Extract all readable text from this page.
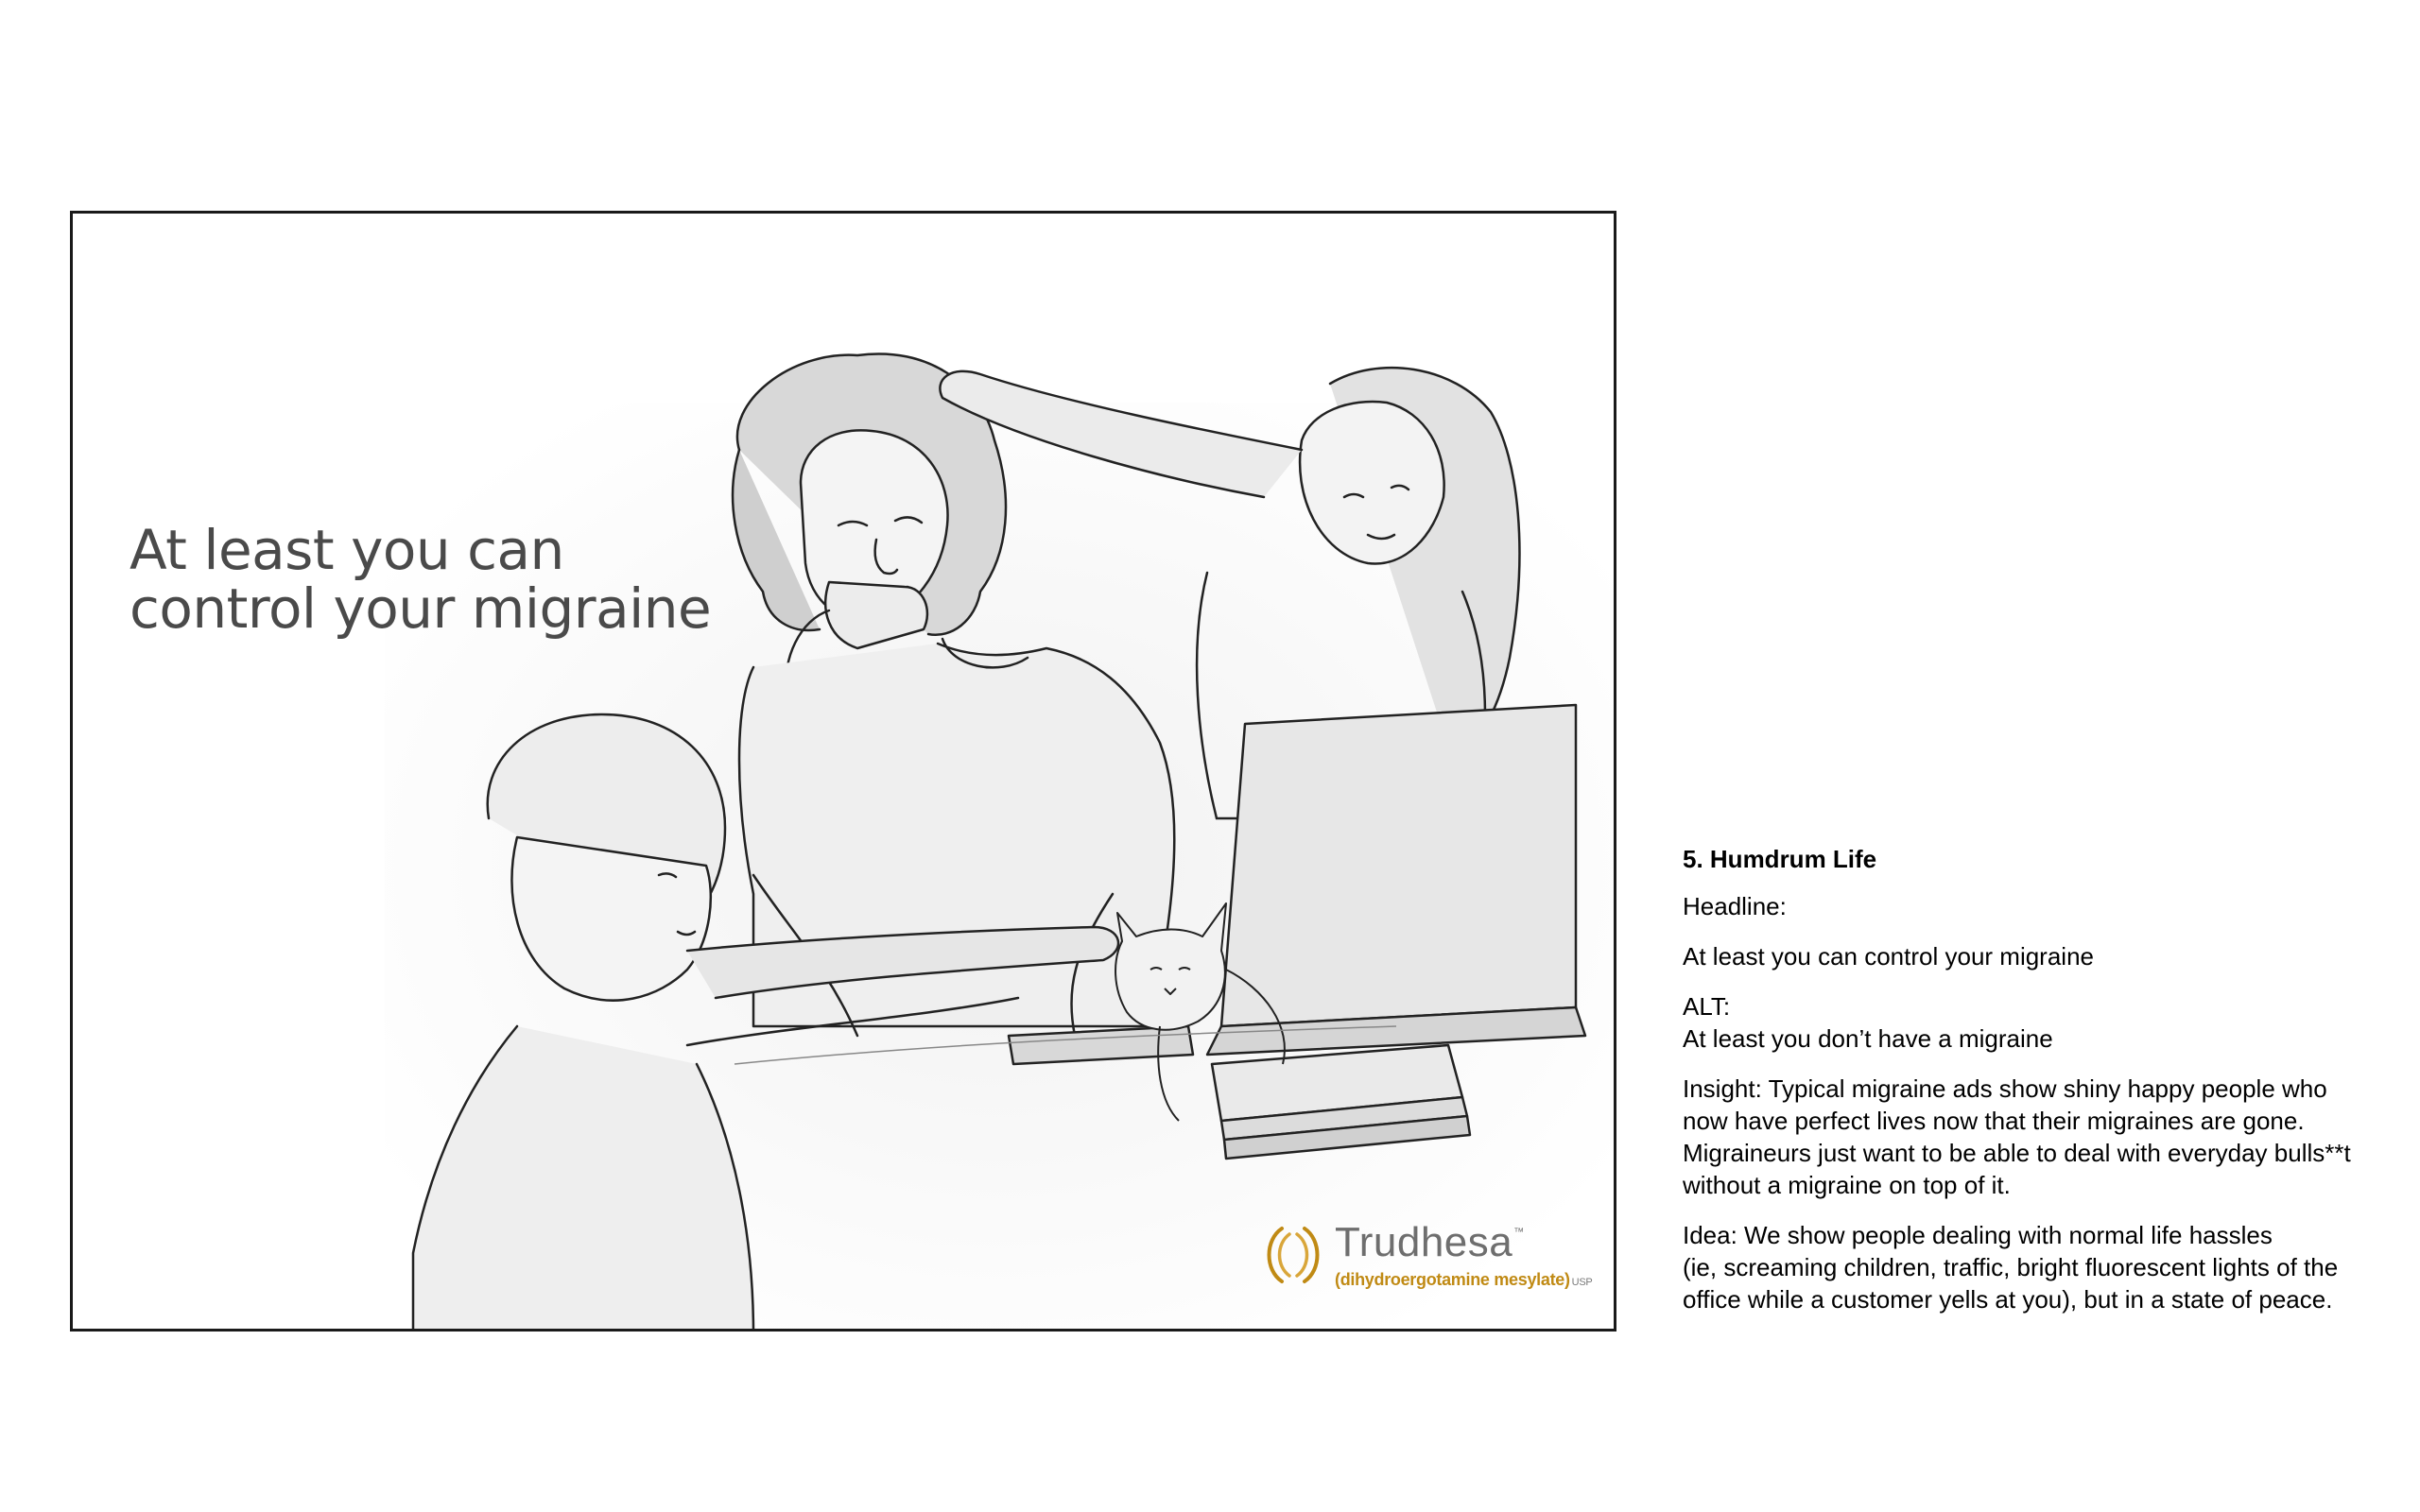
At least you can
control your migraine
Trudhesa™
(dihydroergotamine mesylate) USP

5. Humdrum Life

Headline:

At least you can control your migraine

ALT:
At least you don’t have a migraine

Insight: Typical migraine ads show shiny happy people who
now have perfect lives now that their migraines are gone.
Migraineurs just want to be able to deal with everyday bulls**t
without a migraine on top of it.

Idea: We show people dealing with normal life hassles
(ie, screaming children, traffic, bright fluorescent lights of the
office while a customer yells at you), but in a state of peace.
